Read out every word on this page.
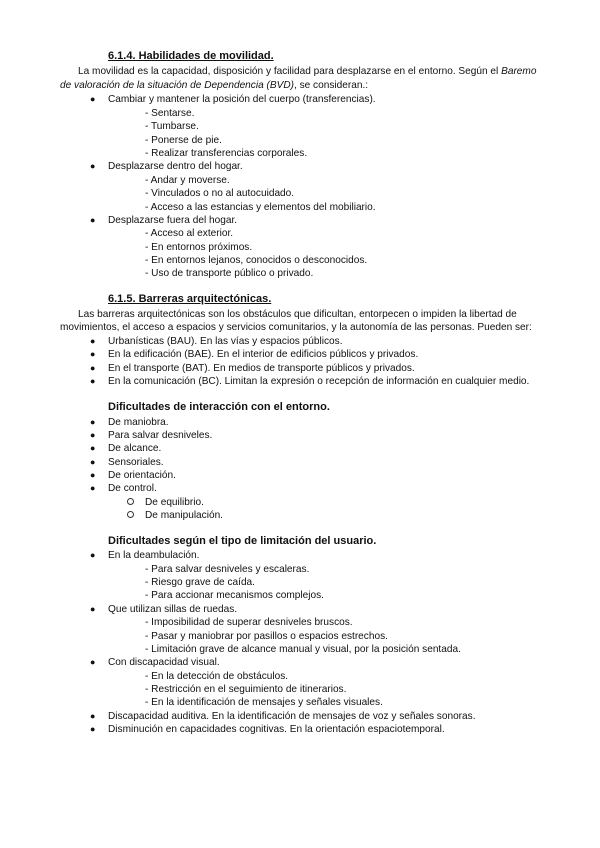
6.1.4. Habilidades de movilidad.
La movilidad es la capacidad, disposición y facilidad para desplazarse en el entorno. Según el Baremo
de valoración de la situación de Dependencia (BVD), se consideran.:
● Cambiar y mantener la posición del cuerpo (transferencias).
- Sentarse.
- Tumbarse.
- Ponerse de pie.
- Realizar transferencias corporales.
● Desplazarse dentro del hogar.
- Andar y moverse.
- Vinculados o no al autocuidado.
- Acceso a las estancias y elementos del mobiliario.
● Desplazarse fuera del hogar.
- Acceso al exterior.
- En entornos próximos.
- En entornos lejanos, conocidos o desconocidos.
- Uso de transporte público o privado.
6.1.5. Barreras arquitectónicas.
Las barreras arquitectónicas son los obstáculos que dificultan, entorpecen o impiden la libertad de
movimientos, el acceso a espacios y servicios comunitarios, y la autonomía de las personas. Pueden ser:
● Urbanísticas (BAU). En las vías y espacios públicos.
● En la edificación (BAE). En el interior de edificios públicos y privados.
● En el transporte (BAT). En medios de transporte públicos y privados.
● En la comunicación (BC). Limitan la expresión o recepción de información en cualquier medio.
Dificultades de interacción con el entorno.
● De maniobra.
● Para salvar desniveles.
● De alcance.
● Sensoriales.
● De orientación.
● De control.
De equilibrio.
De manipulación.
Dificultades según el tipo de limitación del usuario.
● En la deambulación.
- Para salvar desniveles y escaleras.
- Riesgo grave de caída.
- Para accionar mecanismos complejos.
● Que utilizan sillas de ruedas.
- Imposibilidad de superar desniveles bruscos.
- Pasar y maniobrar por pasillos o espacios estrechos.
- Limitación grave de alcance manual y visual, por la posición sentada.
● Con discapacidad visual.
- En la detección de obstáculos.
- Restricción en el seguimiento de itinerarios.
- En la identificación de mensajes y señales visuales.
● Discapacidad auditiva. En la identificación de mensajes de voz y señales sonoras.
● Disminución en capacidades cognitivas. En la orientación espaciotemporal.
